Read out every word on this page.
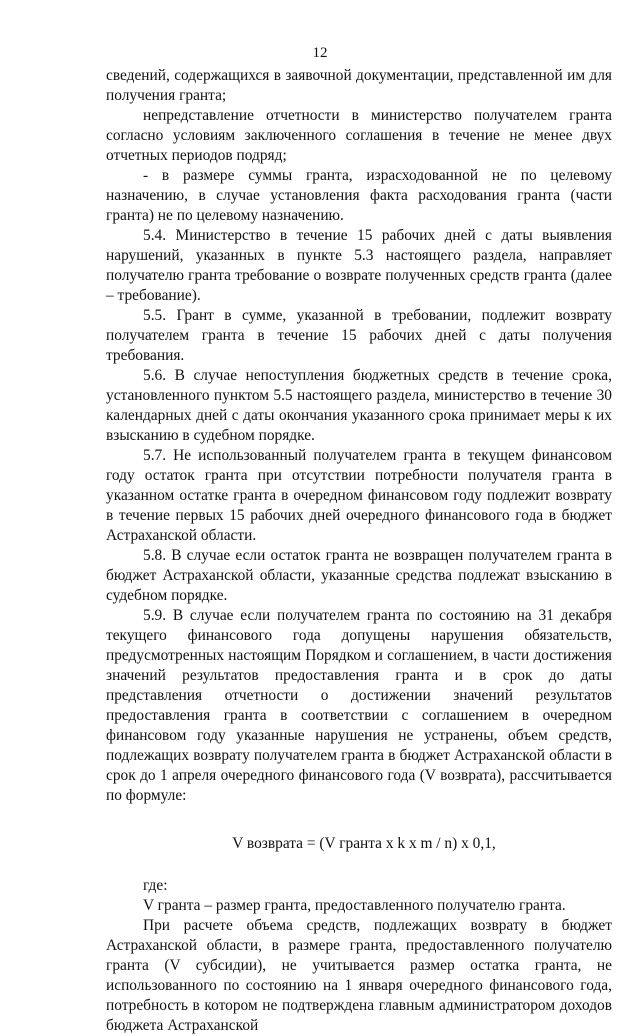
12

сведений, содержащихся в заявочной документации, представленной им для получения гранта;

непредставление отчетности в министерство получателем гранта согласно условиям заключенного соглашения в течение не менее двух отчетных периодов подряд;

- в размере суммы гранта, израсходованной не по целевому назначению, в случае установления факта расходования гранта (части гранта) не по целевому назначению.

5.4. Министерство в течение 15 рабочих дней с даты выявления нарушений, указанных в пункте 5.3 настоящего раздела, направляет получателю гранта требование о возврате полученных средств гранта (далее – требование).

5.5. Грант в сумме, указанной в требовании, подлежит возврату получателем гранта в течение 15 рабочих дней с даты получения требования.

5.6. В случае непоступления бюджетных средств в течение срока, установленного пунктом 5.5 настоящего раздела, министерство в течение 30 календарных дней с даты окончания указанного срока принимает меры к их взысканию в судебном порядке.

5.7. Не использованный получателем гранта в текущем финансовом году остаток гранта при отсутствии потребности получателя гранта в указанном остатке гранта в очередном финансовом году подлежит возврату в течение первых 15 рабочих дней очередного финансового года в бюджет Астраханской области.

5.8. В случае если остаток гранта не возвращен получателем гранта в бюджет Астраханской области, указанные средства подлежат взысканию в судебном порядке.

5.9. В случае если получателем гранта по состоянию на 31 декабря текущего финансового года допущены нарушения обязательств, предусмотренных настоящим Порядком и соглашением, в части достижения значений результатов предоставления гранта и в срок до даты представления отчетности о достижении значений результатов предоставления гранта в соответствии с соглашением в очередном финансовом году указанные нарушения не устранены, объем средств, подлежащих возврату получателем гранта в бюджет Астраханской области в срок до 1 апреля очередного финансового года (V возврата), рассчитывается по формуле:

V возврата = (V гранта x k x m / n) x 0,1,

где:

V гранта – размер гранта, предоставленного получателю гранта.

При расчете объема средств, подлежащих возврату в бюджет Астраханской области, в размере гранта, предоставленного получателю гранта (V субсидии), не учитывается размер остатка гранта, не использованного по состоянию на 1 января очередного финансового года, потребность в котором не подтверждена главным администратором доходов бюджета Астраханской
